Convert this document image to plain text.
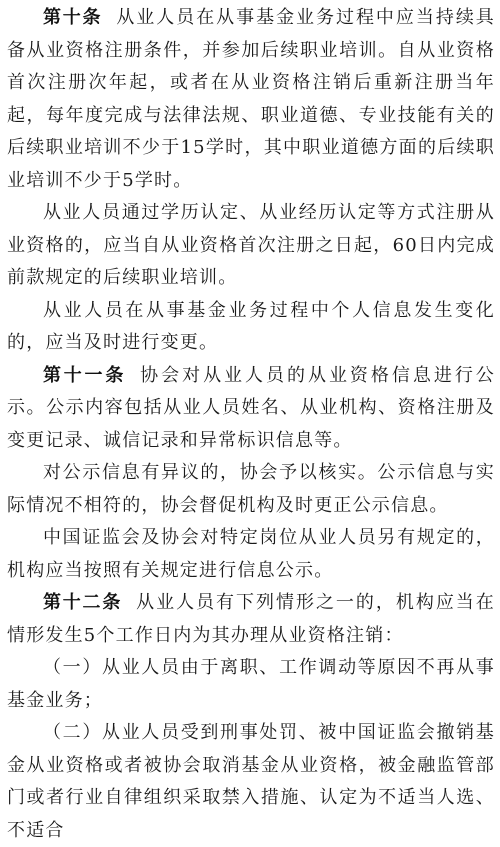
第十条 从业人员在从事基金业务过程中应当持续具备从业资格注册条件，并参加后续职业培训。自从业资格首次注册次年起，或者在从业资格注销后重新注册当年起，每年度完成与法律法规、职业道德、专业技能有关的后续职业培训不少于15学时，其中职业道德方面的后续职业培训不少于5学时。

从业人员通过学历认定、从业经历认定等方式注册从业资格的，应当自从业资格首次注册之日起，60日内完成前款规定的后续职业培训。

从业人员在从事基金业务过程中个人信息发生变化的，应当及时进行变更。

第十一条 协会对从业人员的从业资格信息进行公示。公示内容包括从业人员姓名、从业机构、资格注册及变更记录、诚信记录和异常标识信息等。

对公示信息有异议的，协会予以核实。公示信息与实际情况不相符的，协会督促机构及时更正公示信息。

中国证监会及协会对特定岗位从业人员另有规定的，机构应当按照有关规定进行信息公示。

第十二条 从业人员有下列情形之一的，机构应当在情形发生5个工作日内为其办理从业资格注销：

（一）从业人员由于离职、工作调动等原因不再从事基金业务；

（二）从业人员受到刑事处罚、被中国证监会撤销基金从业资格或者被协会取消基金从业资格，被金融监管部门或者行业自律组织采取禁入措施、认定为不适当人选、不适合
